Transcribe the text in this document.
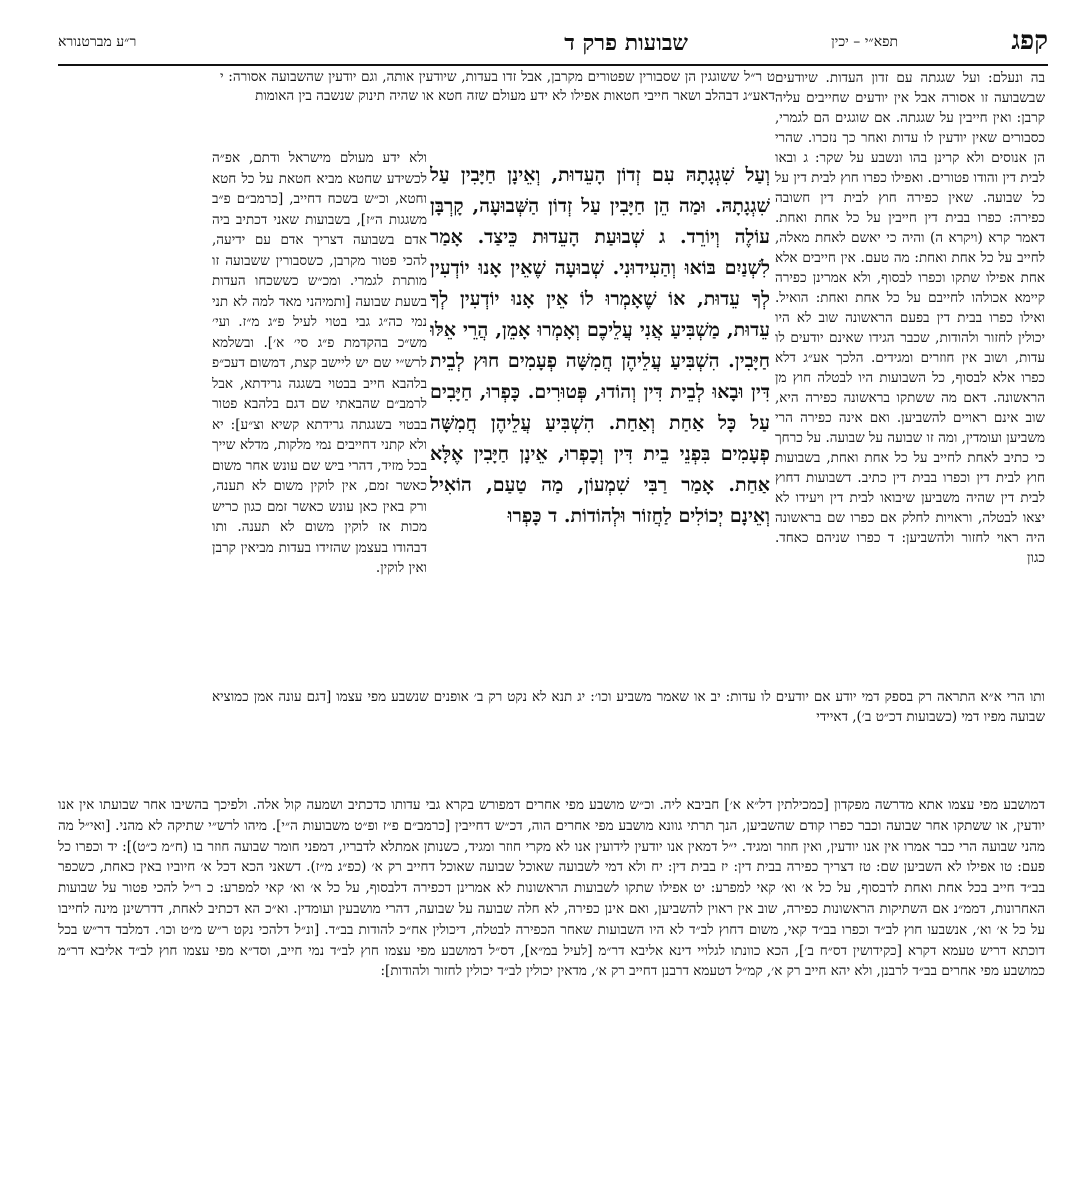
קפג
תפא״י – יכין
שבועות פרק ד
ר״ע מברטנורא

בה ונעלם: ועל שגגתה עם זדון העדות. שיודעים שבשבועה זו אסורה אבל אין יודעים שחייבים עליה קרבן: ואין חייבין על שגגתה. אם שוגגים הם לגמרי, כסבורים שאין יודעין לו עדות ואחר כך נזכרו. שהרי הן אנוסים ולא קרינן בהו ונשבע על שקר: ג ובאו לבית דין והודו פטורים. ואפילו כפרו חוץ לבית דין על כל שבועה. שאין כפירה חוץ לבית דין חשובה כפירה: כפרו בבית דין חייבין על כל אחת ואחת. דאמר קרא (ויקרא ה) והיה כי יאשם לאחת מאלה, לחייב על כל אחת ואחת: מה טעם. אין חייבים אלא אחת אפילו שתקו וכפרו לבסוף, ולא אמרינן כפירה קיימא אכולהו לחייבם על כל אחת ואחת: הואיל. ואילו כפרו בבית דין בפעם הראשונה שוב לא היו יכולין לחזור ולהודות, שכבר הגידו שאינם יודעים לו עדות, ושוב אין חוזרים ומגידים. הלכך אע״ג דלא כפרו אלא לבסוף, כל השבועות היו לבטלה חוץ מן הראשונה. דאם מה ששתקו בראשונה כפירה היא, שוב אינם ראויים להשביען. ואם אינה כפירה הרי משביען ועומדין, ומה זו שבועה על שבועה. על כרחך כי כתיב לאחת לחייב על כל אחת ואחת, בשבועות חוץ לבית דין וכפרו בבית דין כתיב. דשבועות דחוץ לבית דין שהיה משביען שיבואו לבית דין ויעידו לא יצאו לבטלה, וראויות לחלק אם כפרו שם בראשונה היה ראוי לחזור ולהשביען: ד כפרו שניהם כאחד. כגון

ט ר״ל ששוגגין הן שסבורין שפטורים מקרבן, אבל זדו בעדות, שיודעין אותה, וגם יודעין שהשבועה אסורה: י דאע״ג דבהלב ושאר חייבי חטאות אפילו לא ידע מעולם שזה חטא או שהיה תינוק שנשבה בין האומות

וְעַל שִׁגְגָתָהּ עִם זְדוֹן הָעֵדוּת, וְאֵינָן חַיָּבִין עַל שִׁגְגָתָהּ. וּמַה הֵן חַיָּבִין עַל זְדוֹן הַשְּׁבוּעָה, קָרְבָּן עוֹלֶה וְיוֹרֵד. ג שְׁבוּעַת הָעֵדוּת כֵּיצַד. אָמַר לִשְׁנַיִם בּוֹאוּ וְהַעִידוּנִי. שְׁבוּעָה שֶׁאֵין אָנוּ יוֹדְעִין לְךָ עֵדוּת, אוֹ שֶׁאָמְרוּ לוֹ אֵין אָנוּ יוֹדְעִין לְךָ עֵדוּת, מַשְׁבִּיעַ אֲנִי עֲלֵיכֶם וְאָמְרוּ אָמֵן, הֲרֵי אֵלּוּ חַיָּבִין. הִשְׁבִּיעַ עֲלֵיהֶן חֲמִשָּׁה פְעָמִים חוּץ לְבֵית דִּין וּבָאוּ לְבֵית דִּין וְהוֹדוּ, פְּטוּרִים. כָּפְרוּ, חַיָּבִים עַל כָּל אַחַת וְאַחַת. הִשְׁבִּיעַ עֲלֵיהֶן חֲמִשָּׁה פְעָמִים בִּפְנֵי בֵית דִּין וְכָפְרוּ, אֵינָן חַיָּבִין אֶלָּא אַחַת. אָמַר רַבִּי שִׁמְעוֹן, מַה טַעַם, הוֹאִיל וְאֵינָם יְכוֹלִים לַחֲזוֹר וּלְהוֹדוֹת. ד כָּפְרוּ

ולא ידע מעולם מישראל ודתם, אפ״ה לכשידע שחטא מביא חטאת על כל חטא וחטא, וכ״ש בשכח דחייב, [כרמב״ם פ״ב משגגות ה״ז], בשבועות שאני דכתיב ביה אדם בשבועה דצריך אדם עם ידיעה, להכי פטור מקרבן, כשסבורין ששבועה זו מותרת לגמרי. ומכ״ש כששכחו העדות בשעת שבועה [ותמיהני מאד למה לא תני נמי כה״ג גבי בטוי לעיל פ״ג מ״ז. ועי׳ מש״כ בהקדמת פ״ג סי׳ א׳]. ובשלמא לרש״י שם יש ליישב קצת, דמשום דעכ״פ בלהבא חייב בבטוי בשגגה גרידתא, אבל לרמב״ם שהבאתי שם דגם בלהבא פטור בבטוי בשגגתה גרידתא קשיא וצ״ע]: יא ולא קתני דחייבים נמי מלקות, מדלא שייך בכל מזיד, דהרי ביש שם עונש אחר משום כאשר זמם, אין לוקין משום לא תענה, ורק באין כאן עונש כאשר זמם כגון כריש מכות אז לוקין משום לא תענה. ותו דבהודו בעצמן שהזידו בעדות מביאין קרבן ואין לוקין.

ותו הרי א״א התראה רק בספק דמי יודע אם יודעים לו עדות: יב או שאמר משביע וכו׳: יג תנא לא נקט רק ב׳ אופנים שנשבע מפי עצמו [דגם עונה אמן כמוציא שבועה מפיו דמי (כשבועות דכ״ט ב׳), דאיידי

דמושבע מפי עצמו אתא מדרשה מפקדון [כמכילתין דל״א א׳] חביבא ליה. וכ״ש מושבע מפי אחרים דמפורש בקרא גבי עדותו כדכתיב ושמעה קול אלה. ולפיכך בהשיבו אחר שבועתו אין אנו יודעין, או ששתקו אחר שבועה וכבר כפרו קודם שהשביען, הנך תרתי גוונא מושבע מפי אחרים הוה, דכ״ש דחייבין [כרמב״ם פ״ז ופ״ט משבועות ה״י]. מיהו לרש״י שתיקה לא מהני. [ואי״ל מה מהני שבועה הרי כבר אמרו אין אנו יודעין, ואין חוזר ומגיד. י״ל דמאין אנו יודעין לידועין אנו לא מקרי חוזר ומגיד, כשנותן אמתלא לדבריו, דמפני חומר שבועה חוזר בו (ח״מ כ״ט)]: יד וכפרו כל פעם: טו אפילו לא השביען שם: טז דצריך כפירה בבית דין: יז בבית דין: יח ולא דמי לשבועה שאוכל שבועה שאוכל דחייב רק א׳ (כפ״ג מ״ז). דשאני הכא דכל א׳ חיוביו באין כאחת, כשכפר בב״ד חייב בכל אחת ואחת לדבסוף, על כל א׳ וא׳ קאי למפרע: יט אפילו שתקו לשבועות הראשונות לא אמרינן דכפירה דלבסוף, על כל א׳ וא׳ קאי למפרע: כ ר״ל להכי פטור על שבועות האחרונות, דממ״נ אם השתיקות הראשונות כפירה, שוב אין ראוין להשביען, ואם אינן כפירה, לא חלה שבועה על שבועה, דהרי מושבעין ועומדין. וא״כ הא דכתיב לאחת, דדרשינן מינה לחייבו על כל א׳ וא׳, אנשבעו חוץ לב״ד וכפרו בב״ד קאי, משום דחוץ לב״ד לא היו השבועות שאחר הכפירה לבטלה, דיכולין אח״כ להודות בב״ד. [ונ״ל דלהכי נקט ר״ש מ״ט וכו׳. דמלבד דר״ש בכל דוכתא דריש טעמא דקרא [כקידושין דס״ח ב׳], הכא כוונתו לגלויי דינא אליבא דר״מ [לעיל במ״א], דס״ל דמושבע מפי עצמו חוץ לב״ד נמי חייב, וסד״א מפי עצמו חוץ לב״ד אליבא דר״מ כמושבע מפי אחרים בב״ד לרבנן, ולא יהא חייב רק א׳, קמ״ל דטעמא דרבנן דחייב רק א׳, מדאין יכולין לב״ד יכולין לחזור ולהודות]:
